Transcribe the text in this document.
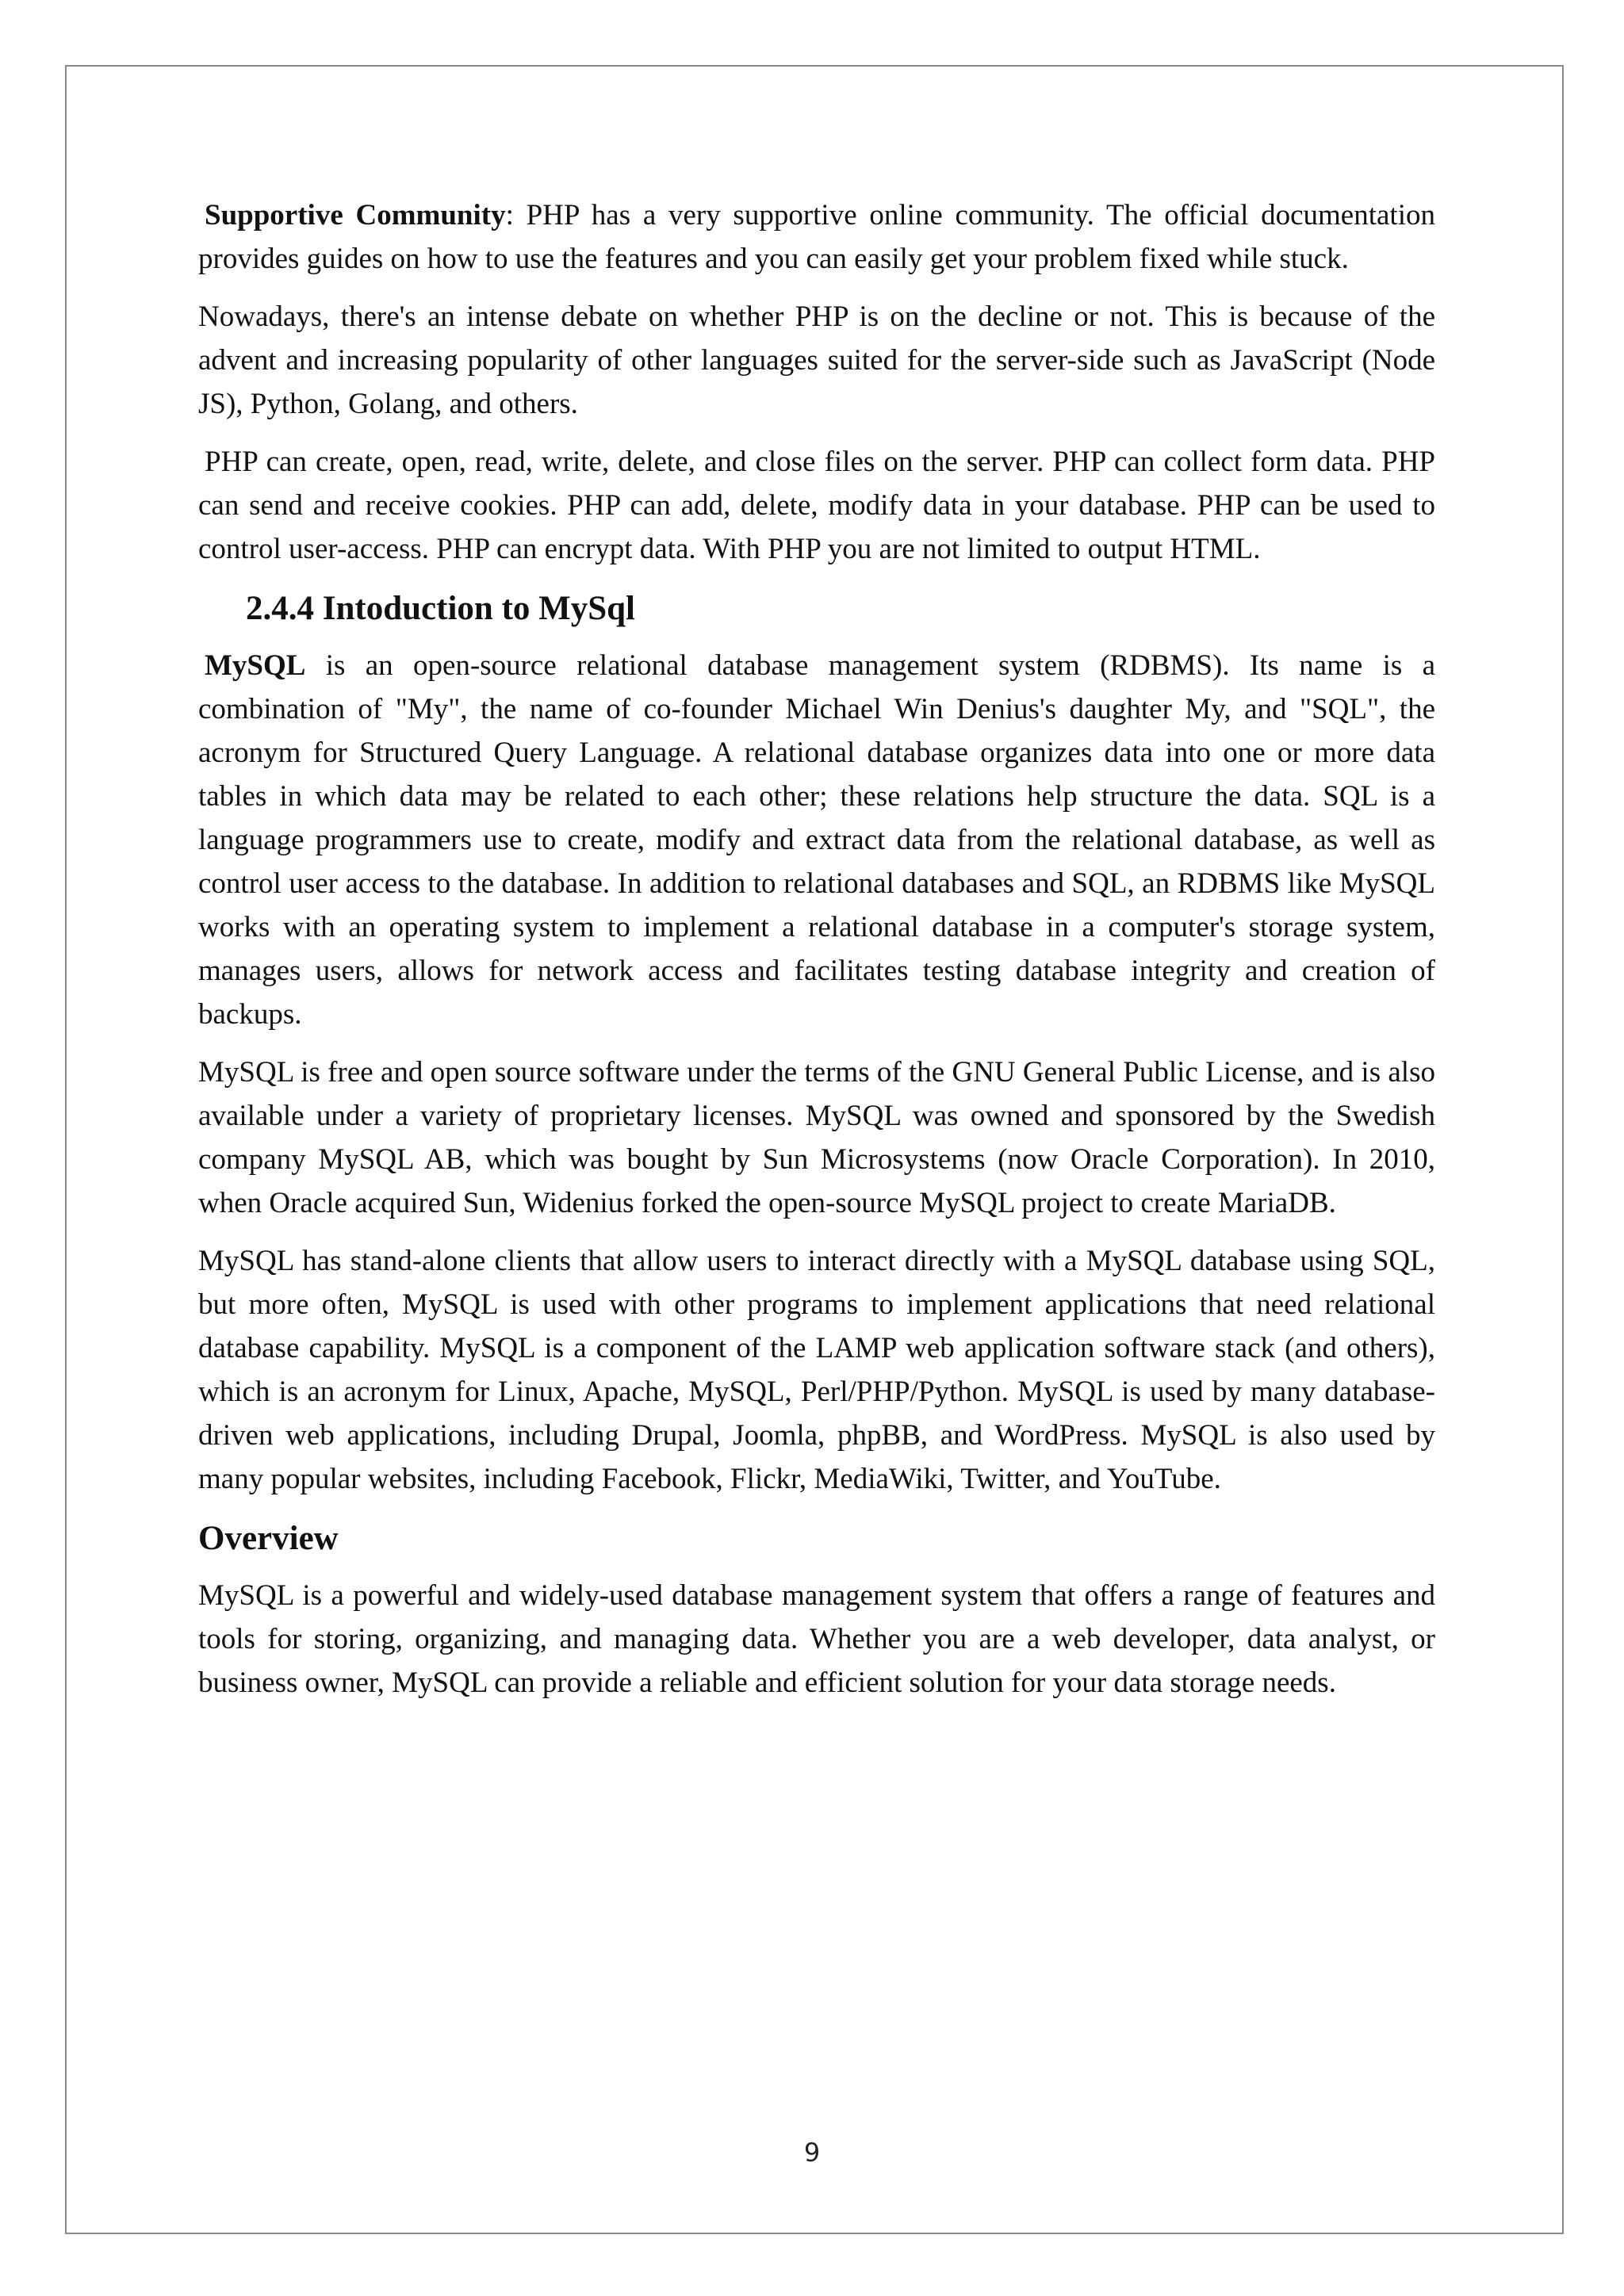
Supportive Community: PHP has a very supportive online community. The official documentation provides guides on how to use the features and you can easily get your problem fixed while stuck.

Nowadays, there's an intense debate on whether PHP is on the decline or not. This is because of the advent and increasing popularity of other languages suited for the server-side such as JavaScript (Node JS), Python, Golang, and others.

PHP can create, open, read, write, delete, and close files on the server. PHP can collect form data. PHP can send and receive cookies. PHP can add, delete, modify data in your database. PHP can be used to control user-access. PHP can encrypt data. With PHP you are not limited to output HTML.

2.4.4 Intoduction to MySql

MySQL is an open-source relational database management system (RDBMS). Its name is a combination of "My", the name of co-founder Michael Win Denius's daughter My, and "SQL", the acronym for Structured Query Language. A relational database organizes data into one or more data tables in which data may be related to each other; these relations help structure the data. SQL is a language programmers use to create, modify and extract data from the relational database, as well as control user access to the database. In addition to relational databases and SQL, an RDBMS like MySQL works with an operating system to implement a relational database in a computer's storage system, manages users, allows for network access and facilitates testing database integrity and creation of backups.

MySQL is free and open source software under the terms of the GNU General Public License, and is also available under a variety of proprietary licenses. MySQL was owned and sponsored by the Swedish company MySQL AB, which was bought by Sun Microsystems (now Oracle Corporation). In 2010, when Oracle acquired Sun, Widenius forked the open-source MySQL project to create MariaDB.

MySQL has stand-alone clients that allow users to interact directly with a MySQL database using SQL, but more often, MySQL is used with other programs to implement applications that need relational database capability. MySQL is a component of the LAMP web application software stack (and others), which is an acronym for Linux, Apache, MySQL, Perl/PHP/Python. MySQL is used by many database-driven web applications, including Drupal, Joomla, phpBB, and WordPress. MySQL is also used by many popular websites, including Facebook, Flickr, MediaWiki, Twitter, and YouTube.

Overview

MySQL is a powerful and widely-used database management system that offers a range of features and tools for storing, organizing, and managing data. Whether you are a web developer, data analyst, or business owner, MySQL can provide a reliable and efficient solution for your data storage needs.

9
